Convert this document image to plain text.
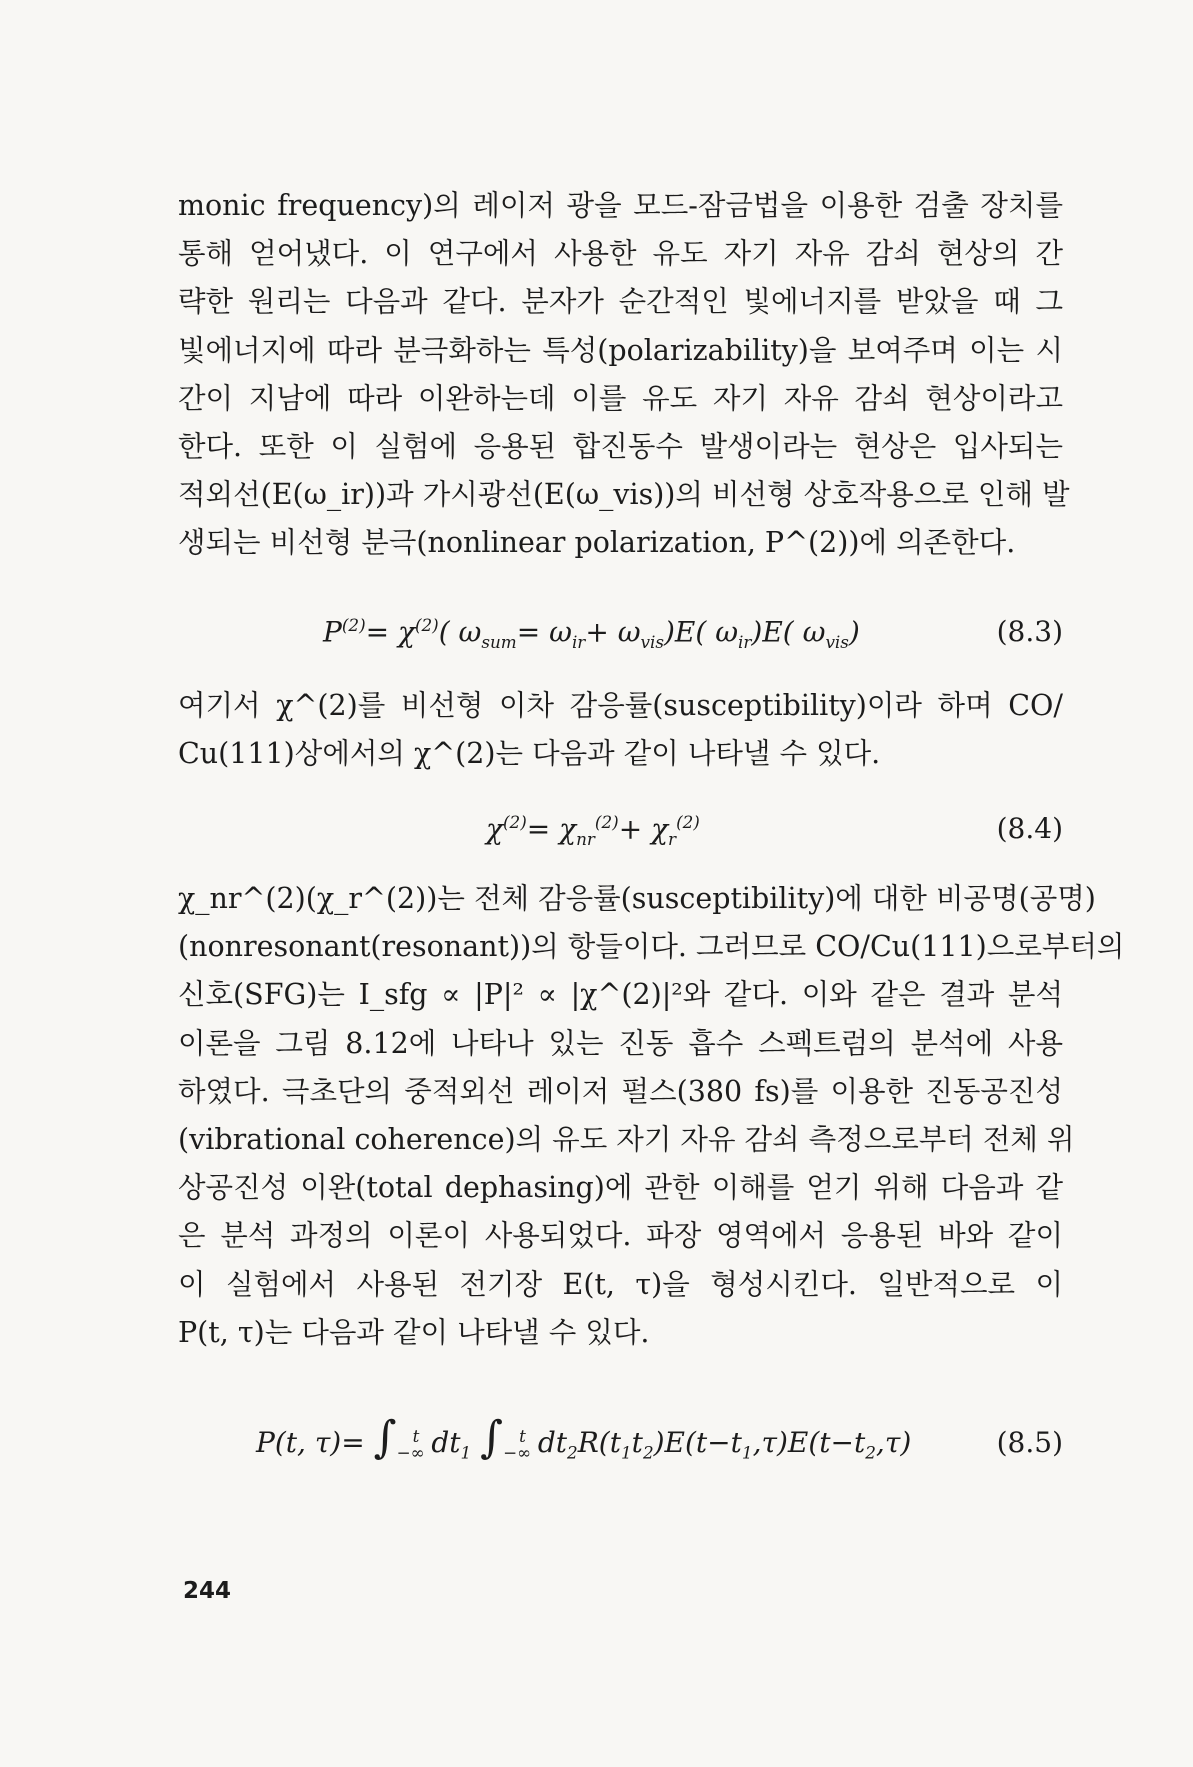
monic frequency)의 레이저 광을 모드-잠금법을 이용한 검출 장치를
통해 얻어냈다. 이 연구에서 사용한 유도 자기 자유 감쇠 현상의 간
략한 원리는 다음과 같다. 분자가 순간적인 빛에너지를 받았을 때 그
빛에너지에 따라 분극화하는 특성(polarizability)을 보여주며 이는 시
간이 지남에 따라 이완하는데 이를 유도 자기 자유 감쇠 현상이라고
한다. 또한 이 실험에 응용된 합진동수 발생이라는 현상은 입사되는
적외선(E(ω_ir))과 가시광선(E(ω_vis))의 비선형 상호작용으로 인해 발
생되는 비선형 분극(nonlinear polarization, P^(2))에 의존한다.
$P^{(2)}= \chi^{(2)}$( $\omega_{sum}= \omega_{ir}+ \omega_{vis})E$( $\omega_{ir})E$( $\omega_{vis}$)	(8.3)
여기서 χ^(2)를 비선형 이차 감응률(susceptibility)이라 하며 CO/
Cu(111)상에서의 χ^(2)는 다음과 같이 나타낼 수 있다.
$\chi^{(2)}= \chi_{nr}^{(2)}+ \chi_r^{(2)}$	(8.4)
χ_nr^(2)(χ_r^(2))는 전체 감응률(susceptibility)에 대한 비공명(공명)
(nonresonant(resonant))의 항들이다. 그러므로 CO/Cu(111)으로부터의
신호(SFG)는 I_sfg ∝ |P|² ∝ |χ^(2)|²와 같다. 이와 같은 결과 분석
이론을 그림 8.12에 나타나 있는 진동 흡수 스펙트럼의 분석에 사용
하였다. 극초단의 중적외선 레이저 펄스(380 fs)를 이용한 진동공진성
(vibrational coherence)의 유도 자기 자유 감쇠 측정으로부터 전체 위
상공진성 이완(total dephasing)에 관한 이해를 얻기 위해 다음과 같
은 분석 과정의 이론이 사용되었다. 파장 영역에서 응용된 바와 같이
이 실험에서 사용된 전기장 E(t, τ)을 형성시킨다. 일반적으로 이
P(t, τ)는 다음과 같이 나타낼 수 있다.
P(t, $\tau)= \int_{-\infty}^t$ $dt_1$ $\int_{-\infty}^t$ $dt_2R(t_1t_2)E(t-t_1,\tau)E(t-t_2,\tau)$	(8.5)
244
